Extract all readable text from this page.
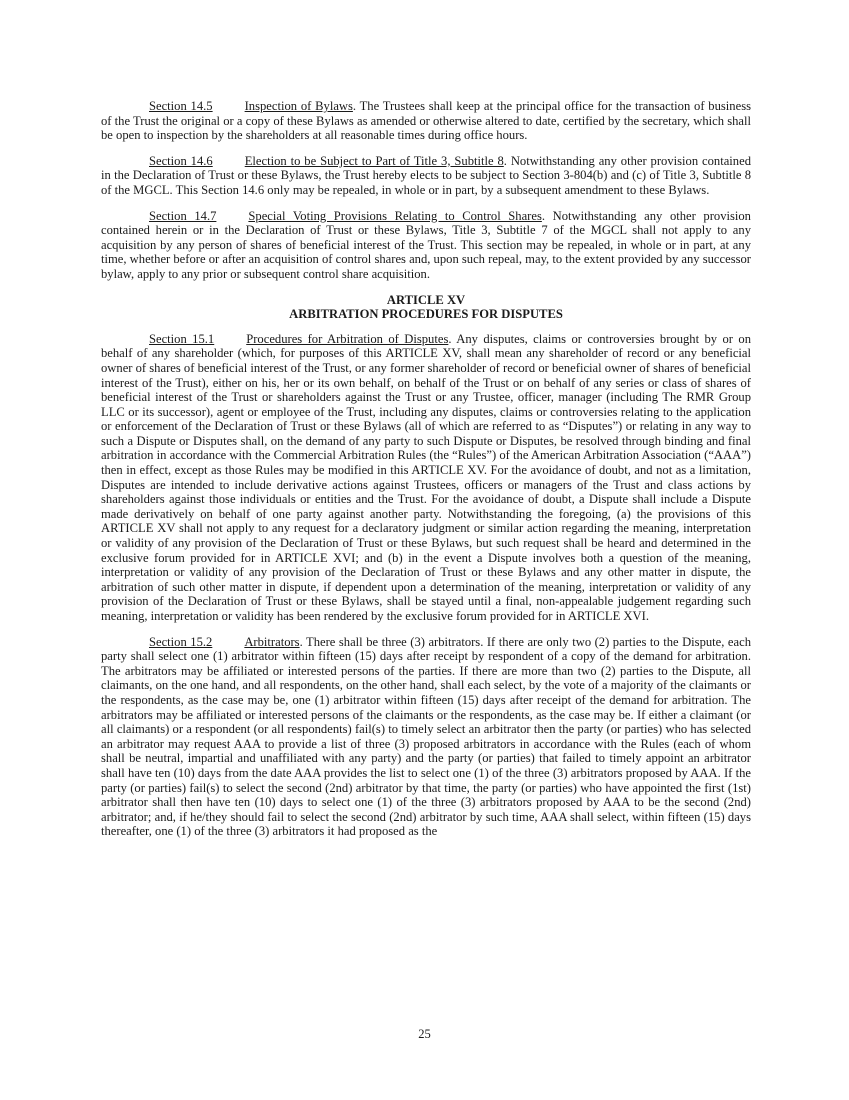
Section 14.5	Inspection of Bylaws. The Trustees shall keep at the principal office for the transaction of business of the Trust the original or a copy of these Bylaws as amended or otherwise altered to date, certified by the secretary, which shall be open to inspection by the shareholders at all reasonable times during office hours.

Section 14.6	Election to be Subject to Part of Title 3, Subtitle 8. Notwithstanding any other provision contained in the Declaration of Trust or these Bylaws, the Trust hereby elects to be subject to Section 3-804(b) and (c) of Title 3, Subtitle 8 of the MGCL. This Section 14.6 only may be repealed, in whole or in part, by a subsequent amendment to these Bylaws.

Section 14.7	Special Voting Provisions Relating to Control Shares. Notwithstanding any other provision contained herein or in the Declaration of Trust or these Bylaws, Title 3, Subtitle 7 of the MGCL shall not apply to any acquisition by any person of shares of beneficial interest of the Trust. This section may be repealed, in whole or in part, at any time, whether before or after an acquisition of control shares and, upon such repeal, may, to the extent provided by any successor bylaw, apply to any prior or subsequent control share acquisition.

ARTICLE XV
ARBITRATION PROCEDURES FOR DISPUTES

Section 15.1	Procedures for Arbitration of Disputes. Any disputes, claims or controversies brought by or on behalf of any shareholder (which, for purposes of this ARTICLE XV, shall mean any shareholder of record or any beneficial owner of shares of beneficial interest of the Trust, or any former shareholder of record or beneficial owner of shares of beneficial interest of the Trust), either on his, her or its own behalf, on behalf of the Trust or on behalf of any series or class of shares of beneficial interest of the Trust or shareholders against the Trust or any Trustee, officer, manager (including The RMR Group LLC or its successor), agent or employee of the Trust, including any disputes, claims or controversies relating to the application or enforcement of the Declaration of Trust or these Bylaws (all of which are referred to as “Disputes”) or relating in any way to such a Dispute or Disputes shall, on the demand of any party to such Dispute or Disputes, be resolved through binding and final arbitration in accordance with the Commercial Arbitration Rules (the “Rules”) of the American Arbitration Association (“AAA”) then in effect, except as those Rules may be modified in this ARTICLE XV. For the avoidance of doubt, and not as a limitation, Disputes are intended to include derivative actions against Trustees, officers or managers of the Trust and class actions by shareholders against those individuals or entities and the Trust. For the avoidance of doubt, a Dispute shall include a Dispute made derivatively on behalf of one party against another party. Notwithstanding the foregoing, (a) the provisions of this ARTICLE XV shall not apply to any request for a declaratory judgment or similar action regarding the meaning, interpretation or validity of any provision of the Declaration of Trust or these Bylaws, but such request shall be heard and determined in the exclusive forum provided for in ARTICLE XVI; and (b) in the event a Dispute involves both a question of the meaning, interpretation or validity of any provision of the Declaration of Trust or these Bylaws and any other matter in dispute, the arbitration of such other matter in dispute, if dependent upon a determination of the meaning, interpretation or validity of any provision of the Declaration of Trust or these Bylaws, shall be stayed until a final, non-appealable judgement regarding such meaning, interpretation or validity has been rendered by the exclusive forum provided for in ARTICLE XVI.

Section 15.2	Arbitrators. There shall be three (3) arbitrators. If there are only two (2) parties to the Dispute, each party shall select one (1) arbitrator within fifteen (15) days after receipt by respondent of a copy of the demand for arbitration. The arbitrators may be affiliated or interested persons of the parties. If there are more than two (2) parties to the Dispute, all claimants, on the one hand, and all respondents, on the other hand, shall each select, by the vote of a majority of the claimants or the respondents, as the case may be, one (1) arbitrator within fifteen (15) days after receipt of the demand for arbitration. The arbitrators may be affiliated or interested persons of the claimants or the respondents, as the case may be. If either a claimant (or all claimants) or a respondent (or all respondents) fail(s) to timely select an arbitrator then the party (or parties) who has selected an arbitrator may request AAA to provide a list of three (3) proposed arbitrators in accordance with the Rules (each of whom shall be neutral, impartial and unaffiliated with any party) and the party (or parties) that failed to timely appoint an arbitrator shall have ten (10) days from the date AAA provides the list to select one (1) of the three (3) arbitrators proposed by AAA. If the party (or parties) fail(s) to select the second (2nd) arbitrator by that time, the party (or parties) who have appointed the first (1st) arbitrator shall then have ten (10) days to select one (1) of the three (3) arbitrators proposed by AAA to be the second (2nd) arbitrator; and, if he/they should fail to select the second (2nd) arbitrator by such time, AAA shall select, within fifteen (15) days thereafter, one (1) of the three (3) arbitrators it had proposed as the

25
